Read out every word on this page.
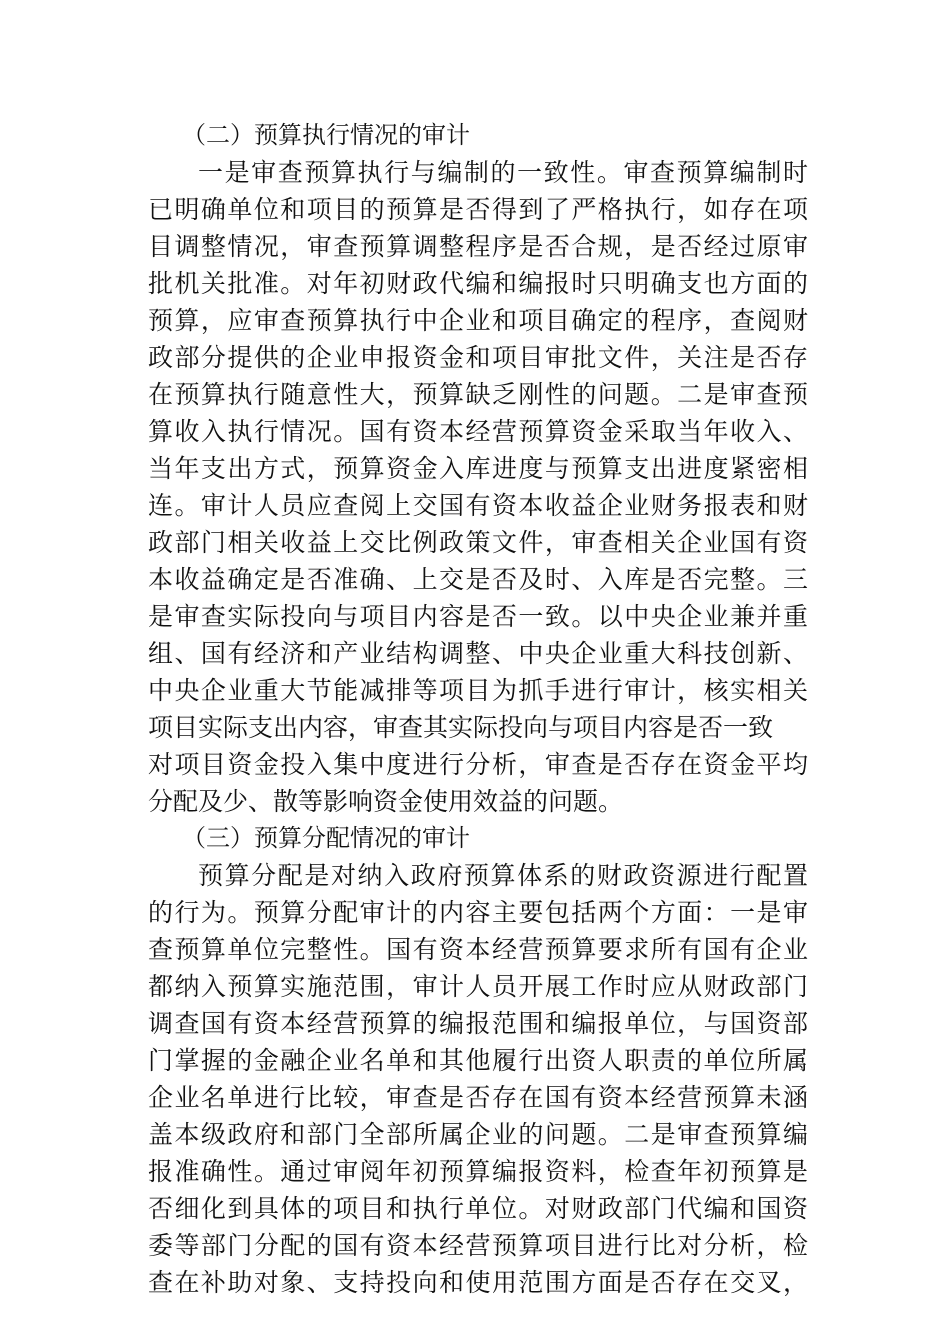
（二）预算执行情况的审计
一是审查预算执行与编制的一致性。审查预算编制时
已明确单位和项目的预算是否得到了严格执行，如存在项
目调整情况，审查预算调整程序是否合规，是否经过原审
批机关批准。对年初财政代编和编报时只明确支也方面的
预算，应审查预算执行中企业和项目确定的程序，查阅财
政部分提供的企业申报资金和项目审批文件，关注是否存
在预算执行随意性大，预算缺乏刚性的问题。二是审查预
算收入执行情况。国有资本经营预算资金采取当年收入、
当年支出方式，预算资金入库进度与预算支出进度紧密相
连。审计人员应查阅上交国有资本收益企业财务报表和财
政部门相关收益上交比例政策文件，审查相关企业国有资
本收益确定是否准确、上交是否及时、入库是否完整。三
是审查实际投向与项目内容是否一致。以中央企业兼并重
组、国有经济和产业结构调整、中央企业重大科技创新、
中央企业重大节能减排等项目为抓手进行审计，核实相关
项目实际支出内容，审查其实际投向与项目内容是否一致
对项目资金投入集中度进行分析，审查是否存在资金平均
分配及少、散等影响资金使用效益的问题。
（三）预算分配情况的审计
预算分配是对纳入政府预算体系的财政资源进行配置
的行为。预算分配审计的内容主要包括两个方面：一是审
查预算单位完整性。国有资本经营预算要求所有国有企业
都纳入预算实施范围，审计人员开展工作时应从财政部门
调查国有资本经营预算的编报范围和编报单位，与国资部
门掌握的金融企业名单和其他履行出资人职责的单位所属
企业名单进行比较，审查是否存在国有资本经营预算未涵
盖本级政府和部门全部所属企业的问题。二是审查预算编
报准确性。通过审阅年初预算编报资料，检查年初预算是
否细化到具体的项目和执行单位。对财政部门代编和国资
委等部门分配的国有资本经营预算项目进行比对分析，检
查在补助对象、支持投向和使用范围方面是否存在交叉，
